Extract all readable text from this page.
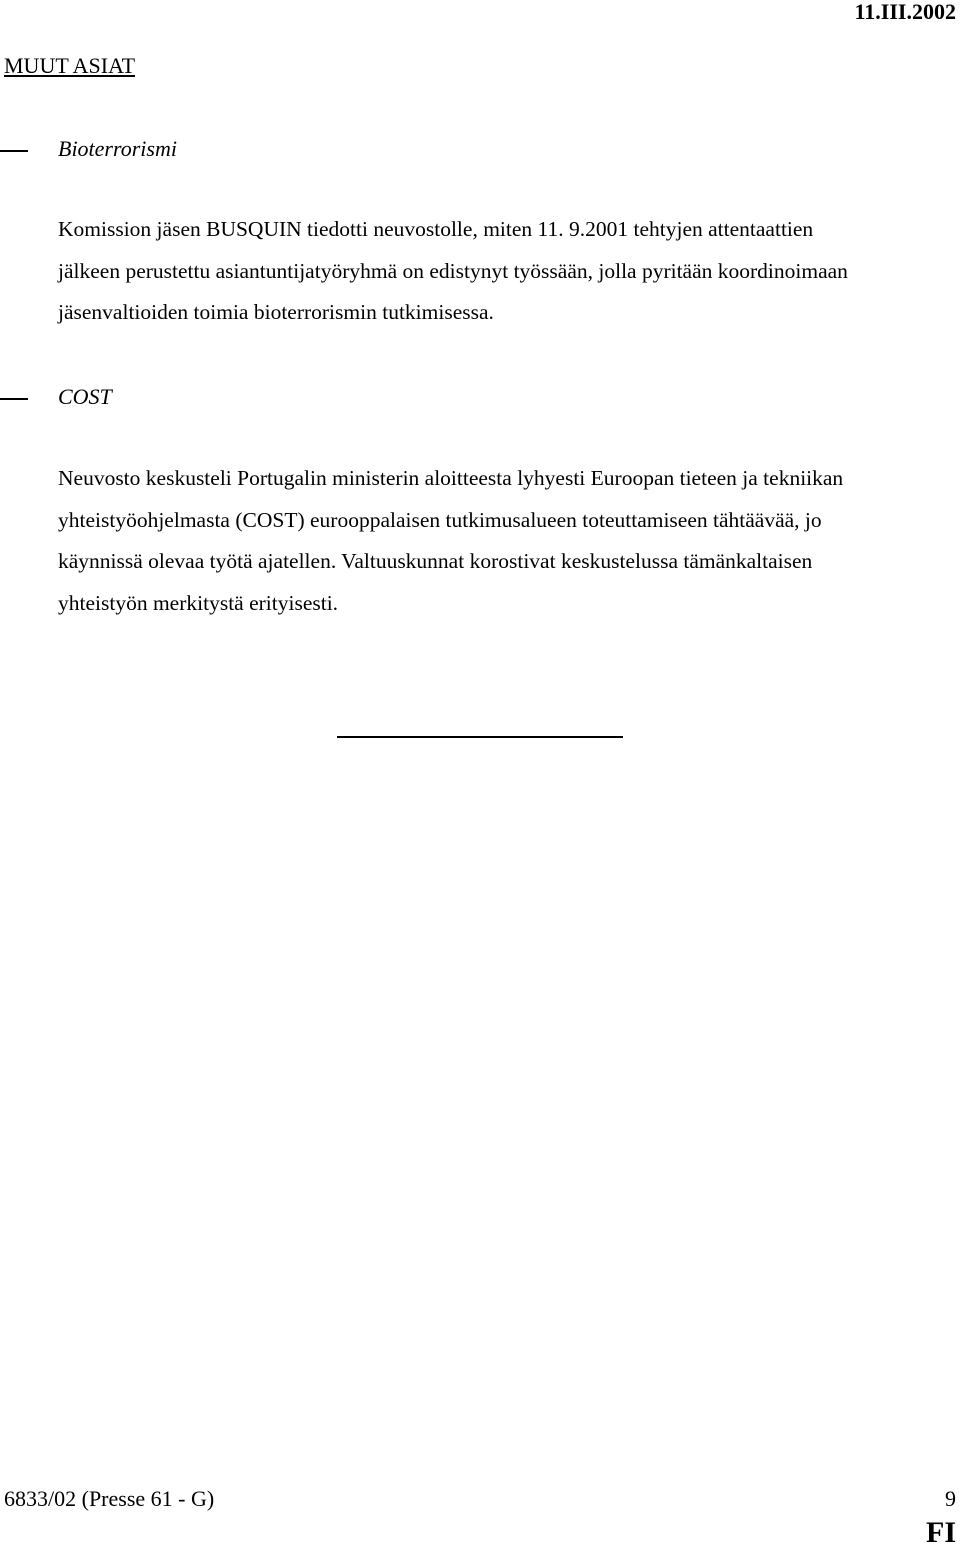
11.III.2002
MUUT ASIAT
Bioterrorismi
Komission jäsen BUSQUIN tiedotti neuvostolle, miten 11. 9.2001 tehtyjen attentaattien
jälkeen perustettu asiantuntijatyöryhmä on edistynyt työssään, jolla pyritään koordinoimaan
jäsenvaltioiden toimia bioterrorismin tutkimisessa.
COST
Neuvosto keskusteli Portugalin ministerin aloitteesta lyhyesti Euroopan tieteen ja tekniikan
yhteistyöohjelmasta (COST) eurooppalaisen tutkimusalueen toteuttamiseen tähtäävää, jo
käynnissä olevaa työtä ajatellen. Valtuuskunnat korostivat keskustelussa tämänkaltaisen
yhteistyön merkitystä erityisesti.
6833/02 (Presse 61 - G)	9
FI
